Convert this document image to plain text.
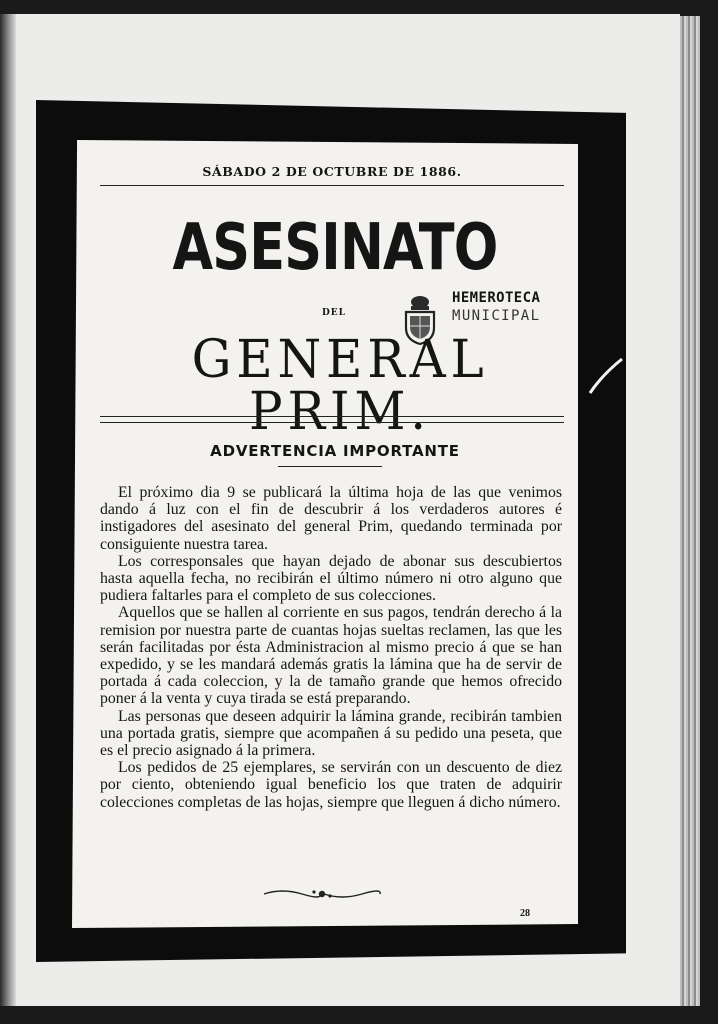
SÁBADO 2 DE OCTUBRE DE 1886.
ASESINATO
HEMEROTECA
MUNICIPAL
DEL
GENERAL PRIM.
ADVERTENCIA IMPORTANTE

El próximo dia 9 se publicará la última hoja de las que venimos dando á luz con el fin de descubrir á los verdaderos autores é instigadores del asesinato del general Prim, quedando terminada por consiguiente nuestra tarea.

Los corresponsales que hayan dejado de abonar sus descubiertos hasta aquella fecha, no recibirán el último número ni otro alguno que pudiera faltarles para el completo de sus colecciones.

Aquellos que se hallen al corriente en sus pagos, tendrán derecho á la remision por nuestra parte de cuantas hojas sueltas reclamen, las que les serán facilitadas por ésta Administracion al mismo precio á que se han expedido, y se les mandará además gratis la lámina que ha de servir de portada á cada coleccion, y la de tamaño grande que hemos ofrecido poner á la venta y cuya tirada se está preparando.

Las personas que deseen adquirir la lámina grande, recibirán tambien una portada gratis, siempre que acompañen á su pedido una peseta, que es el precio asignado á la primera.

Los pedidos de 25 ejemplares, se servirán con un descuento de diez por ciento, obteniendo igual beneficio los que traten de adquirir colecciones completas de las hojas, siempre que lleguen á dicho número.

28
